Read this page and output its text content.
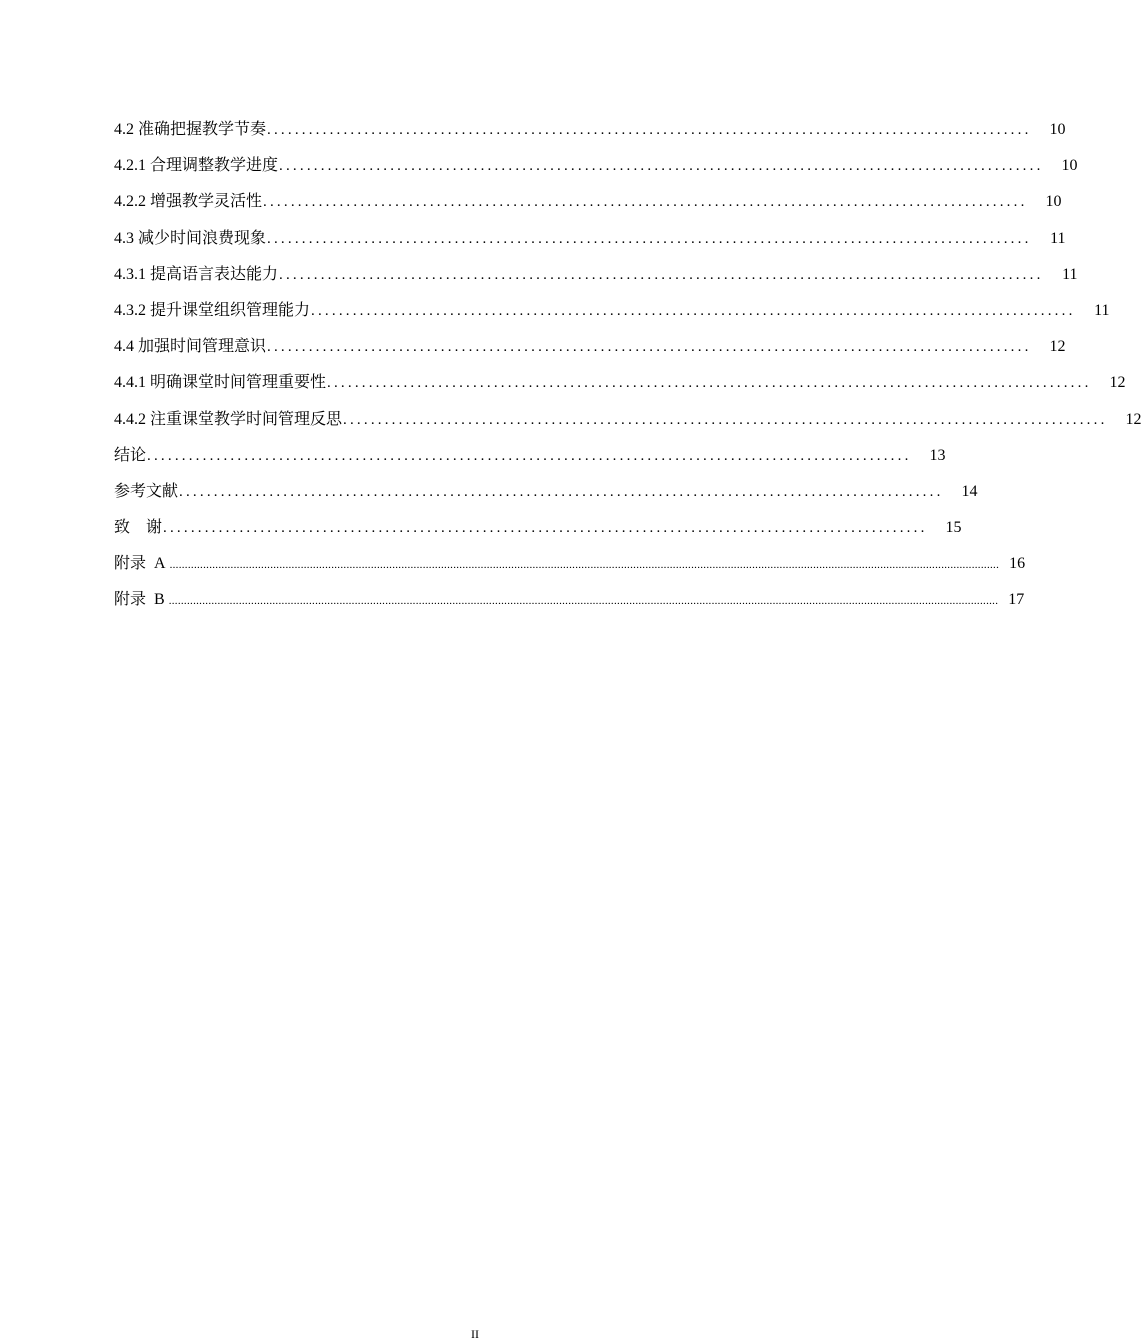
4.2 准确把握教学节奏 .............................................................................................................. 10
4.2.1 合理调整教学进度 .............................................................................................................. 10
4.2.2 增强教学灵活性 .............................................................................................................. 10
4.3 减少时间浪费现象 .............................................................................................................. 11
4.3.1 提高语言表达能力 .............................................................................................................. 11
4.3.2 提升课堂组织管理能力 .............................................................................................................. 11
4.4 加强时间管理意识 .............................................................................................................. 12
4.4.1 明确课堂时间管理重要性 .............................................................................................................. 12
4.4.2 注重课堂教学时间管理反思 .............................................................................................................. 12
结论 .............................................................................................................. 13
参考文献 .............................................................................................................. 14
致    谢 .............................................................................................................. 15
附录  A ................................................................................................................................................................................................................................................................................ 16
附录  B ................................................................................................................................................................................................................................................................................ 17
II
